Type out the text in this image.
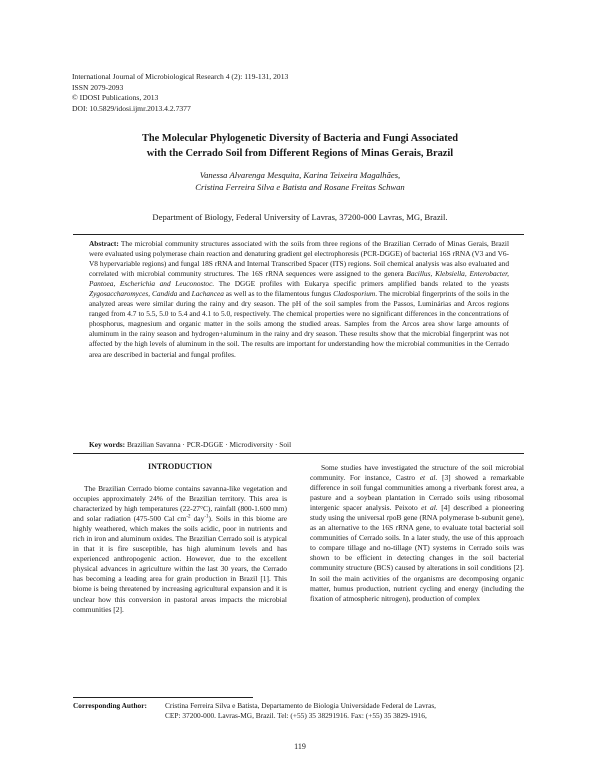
International Journal of Microbiological Research 4 (2): 119-131, 2013
ISSN 2079-2093
© IDOSI Publications, 2013
DOI: 10.5829/idosi.ijmr.2013.4.2.7377
The Molecular Phylogenetic Diversity of Bacteria and Fungi Associated
with the Cerrado Soil from Different Regions of Minas Gerais, Brazil
Vanessa Alvarenga Mesquita, Karina Teixeira Magalhães,
Cristina Ferreira Silva e Batista and Rosane Freitas Schwan
Department of Biology, Federal University of Lavras, 37200-000 Lavras, MG, Brazil.
Abstract: The microbial community structures associated with the soils from three regions of the Brazilian Cerrado of Minas Gerais, Brazil were evaluated using polymerase chain reaction and denaturing gradient gel electrophoresis (PCR-DGGE) of bacterial 16S rRNA (V3 and V6-V8 hypervariable regions) and fungal 18S rRNA and Internal Transcribed Spacer (ITS) regions. Soil chemical analysis was also evaluated and correlated with microbial community structures. The 16S rRNA sequences were assigned to the genera Bacillus, Klebsiella, Enterobacter, Pantoea, Escherichia and Leuconostoc. The DGGE profiles with Eukarya specific primers amplified bands related to the yeasts Zygosaccharomyces, Candida and Lachancea as well as to the filamentous fungus Cladosporium. The microbial fingerprints of the soils in the analyzed areas were similar during the rainy and dry season. The pH of the soil samples from the Passos, Luminárias and Arcos regions ranged from 4.7 to 5.5, 5.0 to 5.4 and 4.1 to 5.0, respectively. The chemical properties were no significant differences in the concentrations of phosphorus, magnesium and organic matter in the soils among the studied areas. Samples from the Arcos area show large amounts of aluminum in the rainy season and hydrogen+aluminum in the rainy and dry season. These results show that the microbial fingerprint was not affected by the high levels of aluminum in the soil. The results are important for understanding how the microbial communities in the Cerrado area are described in bacterial and fungal profiles.
Key words: Brazilian Savanna · PCR-DGGE · Microdiversity · Soil
INTRODUCTION

The Brazilian Cerrado biome contains savanna-like vegetation and occupies approximately 24% of the Brazilian territory. This area is characterized by high temperatures (22-27°C), rainfall (800-1.600 mm) and solar radiation (475-500 Cal $cm^{-2}$ day$^{-1}$). Soils in this biome are highly weathered, which makes the soils acidic, poor in nutrients and rich in iron and aluminum oxides. The Brazilian Cerrado soil is atypical in that it is fire susceptible, has high aluminum levels and has experienced anthropogenic action. However, due to the excellent physical advances in agriculture within the last 30 years, the Cerrado has becoming a leading area for grain production in Brazil [1]. This biome is being threatened by increasing agricultural expansion and it is unclear how this conversion in pastoral areas impacts the microbial communities [2].

Some studies have investigated the structure of the soil microbial community. For instance, Castro et al. [3] showed a remarkable difference in soil fungal communities among a riverbank forest area, a pasture and a soybean plantation in Cerrado soils using ribosomal intergenic spacer analysis. Peixoto et al. [4] described a pioneering study using the universal rpoB gene (RNA polymerase b-subunit gene), as an alternative to the 16S rRNA gene, to evaluate total bacterial soil communities of Cerrado soils. In a later study, the use of this approach to compare tillage and no-tillage (NT) systems in Cerrado soils was shown to be efficient in detecting changes in the soil bacterial community structure (BCS) caused by alterations in soil conditions [2]. In soil the main activities of the organisms are decomposing organic matter, humus production, nutrient cycling and energy (including the fixation of atmospheric nitrogen), production of complex

Corresponding Author: Cristina Ferreira Silva e Batista, Departamento de Biologia Universidade Federal de Lavras,
CEP: 37200-000. Lavras-MG, Brazil. Tel: (+55) 35 38291916. Fax: (+55) 35 3829-1916,
119
